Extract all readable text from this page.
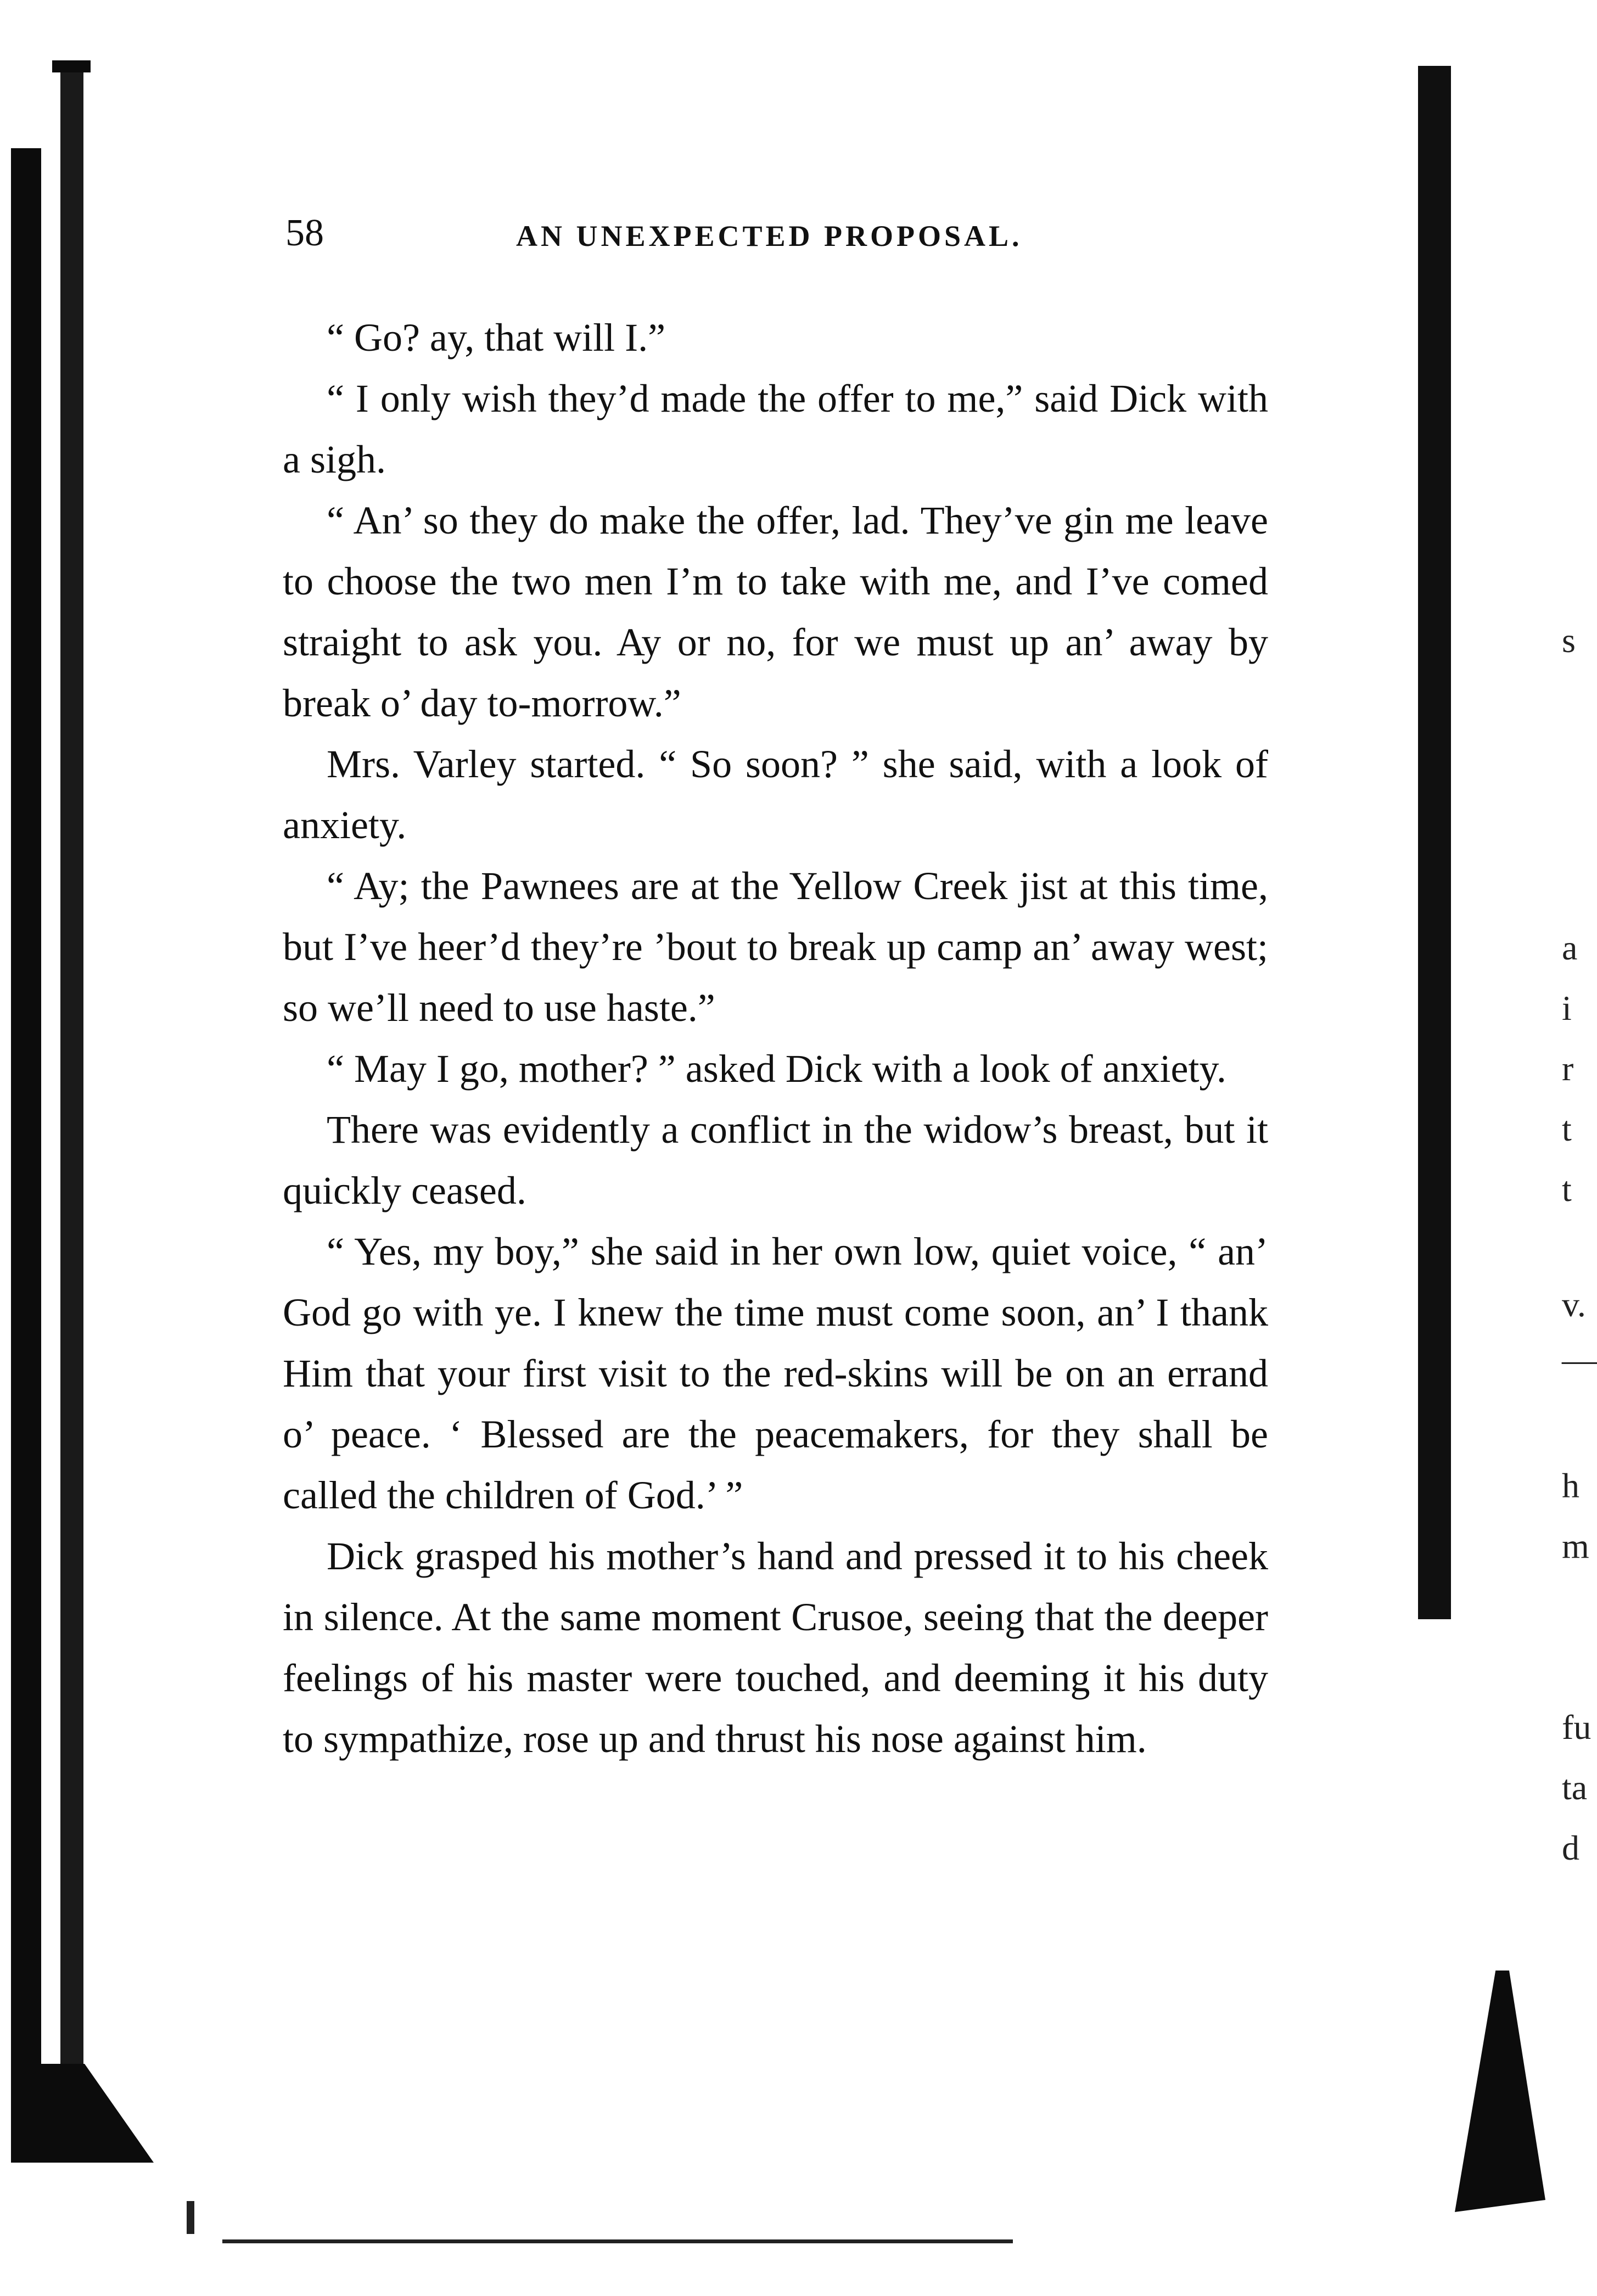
s
a
i
r
t
t
v.
—
h
m
fu
ta
d
58	AN UNEXPECTED PROPOSAL.

“ Go? ay, that will I.”

“ I only wish they’d made the offer to me,” said Dick with a sigh.

“ An’ so they do make the offer, lad. They’ve gin me leave to choose the two men I’m to take with me, and I’ve comed straight to ask you. Ay or no, for we must up an’ away by break o’ day to-morrow.”

Mrs. Varley started. “ So soon? ” she said, with a look of anxiety.

“ Ay; the Pawnees are at the Yellow Creek jist at this time, but I’ve heer’d they’re ’bout to break up camp an’ away west; so we’ll need to use haste.”

“ May I go, mother? ” asked Dick with a look of anxiety.

There was evidently a conflict in the widow’s breast, but it quickly ceased.

“ Yes, my boy,” she said in her own low, quiet voice, “ an’ God go with ye. I knew the time must come soon, an’ I thank Him that your first visit to the red-skins will be on an errand o’ peace. ‘ Blessed are the peacemakers, for they shall be called the children of God.’ ”

Dick grasped his mother’s hand and pressed it to his cheek in silence. At the same moment Crusoe, seeing that the deeper feelings of his master were touched, and deeming it his duty to sympathize, rose up and thrust his nose against him.
